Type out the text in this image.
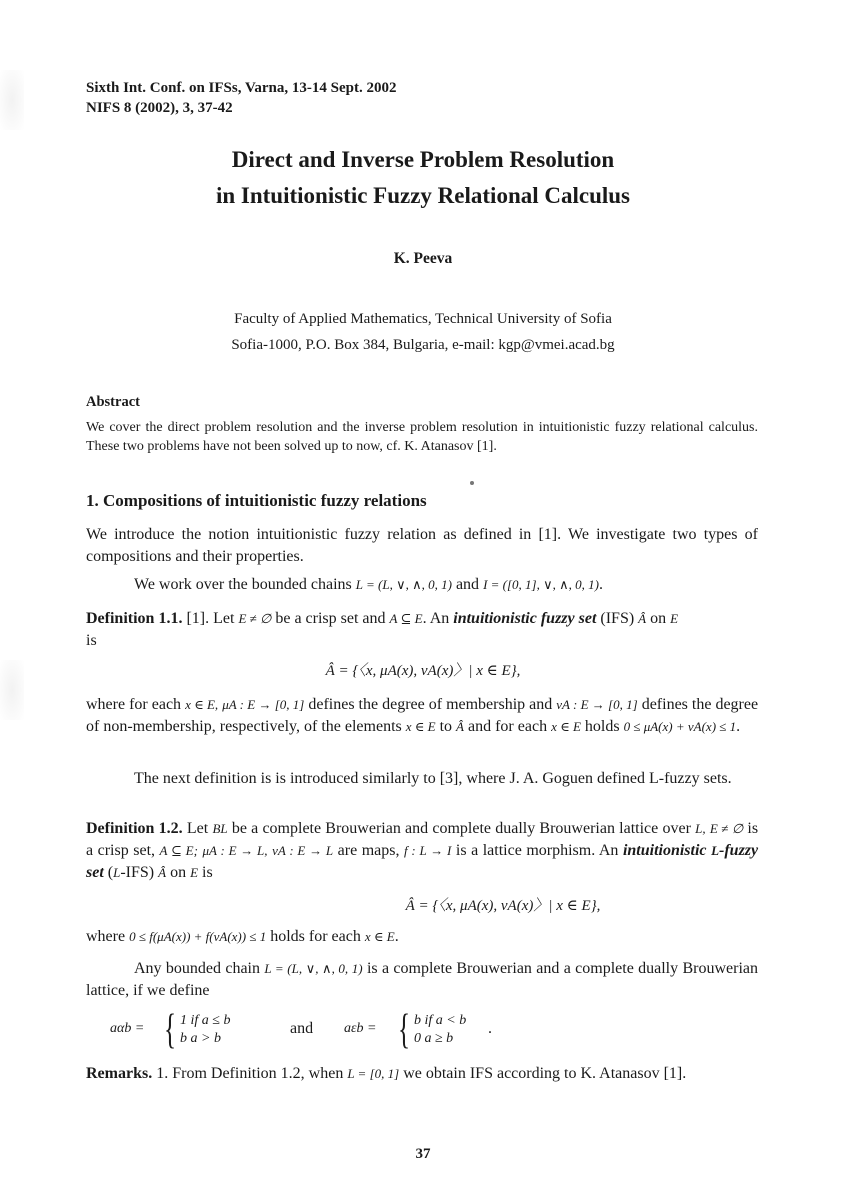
Sixth Int. Conf. on IFSs, Varna, 13-14 Sept. 2002
NIFS 8 (2002), 3, 37-42
Direct and Inverse Problem Resolution
in Intuitionistic Fuzzy Relational Calculus
K. Peeva
Faculty of Applied Mathematics, Technical University of Sofia
Sofia-1000, P.O. Box 384, Bulgaria, e-mail: kgp@vmei.acad.bg
Abstract
We cover the direct problem resolution and the inverse problem resolution in intuitionistic fuzzy relational calculus. These two problems have not been solved up to now, cf. K. Atanasov [1].
1. Compositions of intuitionistic fuzzy relations
We introduce the notion intuitionistic fuzzy relation as defined in [1]. We investigate two types of compositions and their properties.
We work over the bounded chains L = (L, ∨, ∧, 0, 1) and I = ([0, 1], ∨, ∧, 0, 1).
Definition 1.1. [1]. Let E ≠ ∅ be a crisp set and A ⊆ E. An intuitionistic fuzzy set (IFS) Â on E
is
Â = {〈x, μA(x), νA(x)〉| x ∈ E},
where for each x ∈ E, μA : E → [0, 1] defines the degree of membership and νA : E → [0, 1] defines the degree of non-membership, respectively, of the elements x ∈ E to Â and for each x ∈ E holds 0 ≤ μA(x) + νA(x) ≤ 1.
The next definition is is introduced similarly to [3], where J. A. Goguen defined L-fuzzy sets.
Definition 1.2. Let BL be a complete Brouwerian and complete dually Brouwerian lattice over L, E ≠ ∅ is a crisp set, A ⊆ E; μA : E → L, νA : E → L are maps, f : L → I is a lattice morphism. An intuitionistic L-fuzzy set (L-IFS) Â on E is
Â = {〈x, μA(x), νA(x)〉| x ∈ E},
where 0 ≤ f(μA(x)) + f(νA(x)) ≤ 1 holds for each x ∈ E.
Any bounded chain L = (L, ∨, ∧, 0, 1) is a complete Brouwerian and a complete dually Brouwerian lattice, if we define
aαb = { 1 if a ≤ b
b a > b
and aεb = { b if a < b
0 a ≥ b
.
Remarks. 1. From Definition 1.2, when L = [0, 1] we obtain IFS according to K. Atanasov [1].
37
